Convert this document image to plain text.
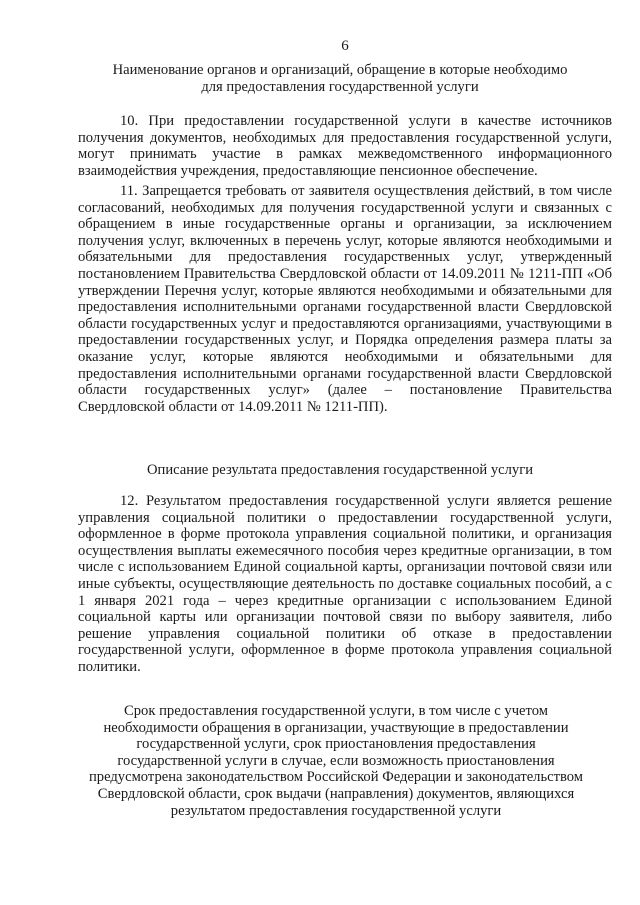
6
Наименование органов и организаций, обращение в которые необходимо для предоставления государственной услуги
10. При предоставлении государственной услуги в качестве источников получения документов, необходимых для предоставления государственной услуги, могут принимать участие в рамках межведомственного информационного взаимодействия учреждения, предоставляющие пенсионное обеспечение.
11. Запрещается требовать от заявителя осуществления действий, в том числе согласований, необходимых для получения государственной услуги и связанных с обращением в иные государственные органы и организации, за исключением получения услуг, включенных в перечень услуг, которые являются необходимыми и обязательными для предоставления государственных услуг, утвержденный постановлением Правительства Свердловской области от 14.09.2011 № 1211-ПП «Об утверждении Перечня услуг, которые являются необходимыми и обязательными для предоставления исполнительными органами государственной власти Свердловской области государственных услуг и предоставляются организациями, участвующими в предоставлении государственных услуг, и Порядка определения размера платы за оказание услуг, которые являются необходимыми и обязательными для предоставления исполнительными органами государственной власти Свердловской области государственных услуг» (далее – постановление Правительства Свердловской области от 14.09.2011 № 1211-ПП).
Описание результата предоставления государственной услуги
12. Результатом предоставления государственной услуги является решение управления социальной политики о предоставлении государственной услуги, оформленное в форме протокола управления социальной политики, и организация осуществления выплаты ежемесячного пособия через кредитные организации, в том числе с использованием Единой социальной карты, организации почтовой связи или иные субъекты, осуществляющие деятельность по доставке социальных пособий, а с 1 января 2021 года – через кредитные организации с использованием Единой социальной карты или организации почтовой связи по выбору заявителя, либо решение управления социальной политики об отказе в предоставлении государственной услуги, оформленное в форме протокола управления социальной политики.
Срок предоставления государственной услуги, в том числе с учетом необходимости обращения в организации, участвующие в предоставлении государственной услуги, срок приостановления предоставления государственной услуги в случае, если возможность приостановления предусмотрена законодательством Российской Федерации и законодательством Свердловской области, срок выдачи (направления) документов, являющихся результатом предоставления государственной услуги
